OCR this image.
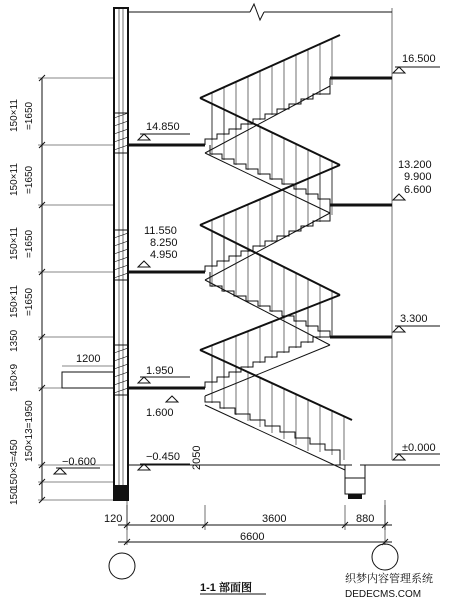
16.500
14.850
13.200
9.900
6.600
11.550
8.250
4.950
3.300
1.950
1.600
±0.000
−0.450
−0.600
1200
2050
150×11 =1650
150×11 =1650
150×11 =1650
150×11 =1650
1350
150×9
150×13=1950
150×3=450
150
120	2000	3600	880
6600
1-1 部面图
织梦内容管理系统
DEDECMS.COM
